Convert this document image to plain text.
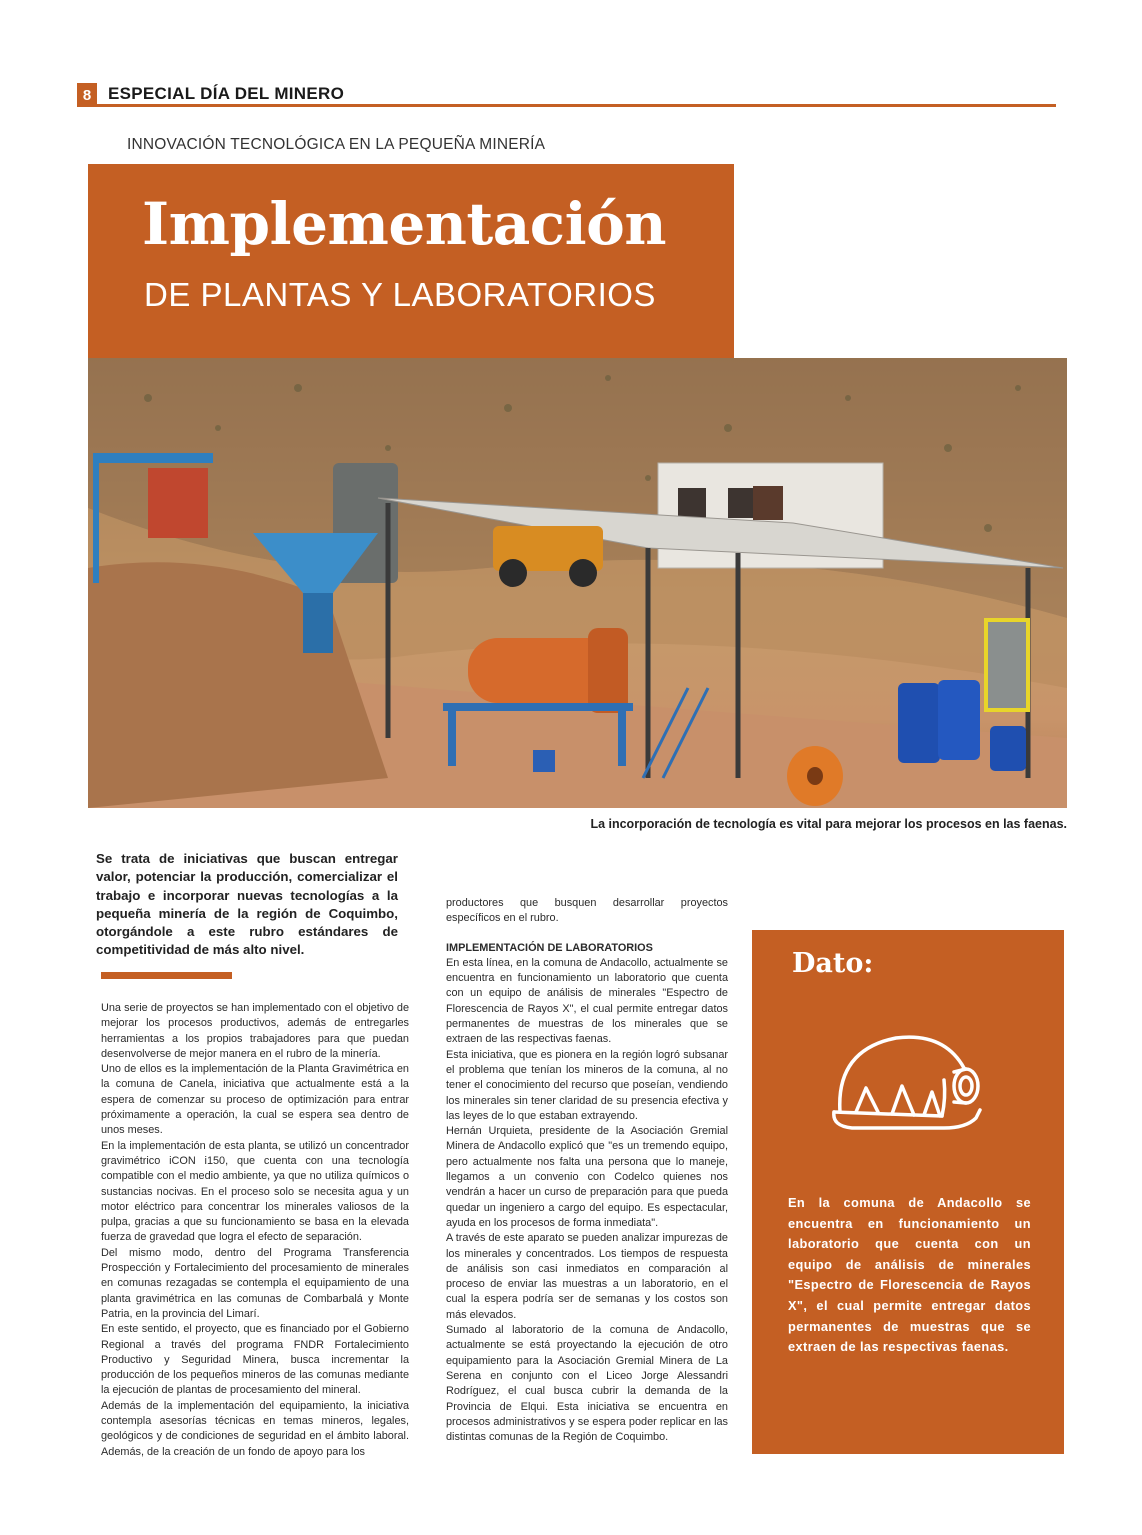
8 ESPECIAL DÍA DEL MINERO
INNOVACIÓN TECNOLÓGICA EN LA PEQUEÑA MINERÍA
Implementación
DE PLANTAS Y LABORATORIOS
La incorporación de tecnología es vital para mejorar los procesos en las faenas.
Se trata de iniciativas que buscan entregar valor, potenciar la producción, comercializar el trabajo e incorporar nuevas tecnologías a la pequeña minería de la región de Coquimbo, otorgándole a este rubro estándares de competitividad de más alto nivel.

Una serie de proyectos se han implementado con el objetivo de mejorar los procesos productivos, además de entregarles herramientas a los propios trabajadores para que puedan desenvolverse de mejor manera en el rubro de la minería.

Uno de ellos es la implementación de la Planta Gravimétrica en la comuna de Canela, iniciativa que actualmente está a la espera de comenzar su proceso de optimización para entrar próximamente a operación, la cual se espera sea dentro de unos meses.

En la implementación de esta planta, se utilizó un concentrador gravimétrico iCON i150, que cuenta con una tecnología compatible con el medio ambiente, ya que no utiliza químicos o sustancias nocivas. En el proceso solo se necesita agua y un motor eléctrico para concentrar los minerales valiosos de la pulpa, gracias a que su funcionamiento se basa en la elevada fuerza de gravedad que logra el efecto de separación.

Del mismo modo, dentro del Programa Transferencia Prospección y Fortalecimiento del procesamiento de minerales en comunas rezagadas se contempla el equipamiento de una planta gravimétrica en las comunas de Combarbalá y Monte Patria, en la provincia del Limarí.

En este sentido, el proyecto, que es financiado por el Gobierno Regional a través del programa FNDR Fortalecimiento Productivo y Seguridad Minera, busca incrementar la producción de los pequeños mineros de las comunas mediante la ejecución de plantas de procesamiento del mineral.

Además de la implementación del equipamiento, la iniciativa contempla asesorías técnicas en temas mineros, legales, geológicos y de condiciones de seguridad en el ámbito laboral. Además, de la creación de un fondo de apoyo para los

productores que busquen desarrollar proyectos específicos en el rubro.

IMPLEMENTACIÓN DE LABORATORIOS

En esta línea, en la comuna de Andacollo, actualmente se encuentra en funcionamiento un laboratorio que cuenta con un equipo de análisis de minerales "Espectro de Florescencia de Rayos X", el cual permite entregar datos permanentes de muestras de los minerales que se extraen de las respectivas faenas.

Esta iniciativa, que es pionera en la región logró subsanar el problema que tenían los mineros de la comuna, al no tener el conocimiento del recurso que poseían, vendiendo los minerales sin tener claridad de su presencia efectiva y las leyes de lo que estaban extrayendo.

Hernán Urquieta, presidente de la Asociación Gremial Minera de Andacollo explicó que "es un tremendo equipo, pero actualmente nos falta una persona que lo maneje, llegamos a un convenio con Codelco quienes nos vendrán a hacer un curso de preparación para que pueda quedar un ingeniero a cargo del equipo. Es espectacular, ayuda en los procesos de forma inmediata".

A través de este aparato se pueden analizar impurezas de los minerales y concentrados. Los tiempos de respuesta de análisis son casi inmediatos en comparación al proceso de enviar las muestras a un laboratorio, en el cual la espera podría ser de semanas y los costos son más elevados.

Sumado al laboratorio de la comuna de Andacollo, actualmente se está proyectando la ejecución de otro equipamiento para la Asociación Gremial Minera de La Serena en conjunto con el Liceo Jorge Alessandri Rodríguez, el cual busca cubrir la demanda de la Provincia de Elqui. Esta iniciativa se encuentra en procesos administrativos y se espera poder replicar en las distintas comunas de la Región de Coquimbo.

Dato:
En la comuna de Andacollo se encuentra en funcionamiento un laboratorio que cuenta con un equipo de análisis de minerales "Espectro de Florescencia de Rayos X", el cual permite entregar datos permanentes de muestras que se extraen de las respectivas faenas.
